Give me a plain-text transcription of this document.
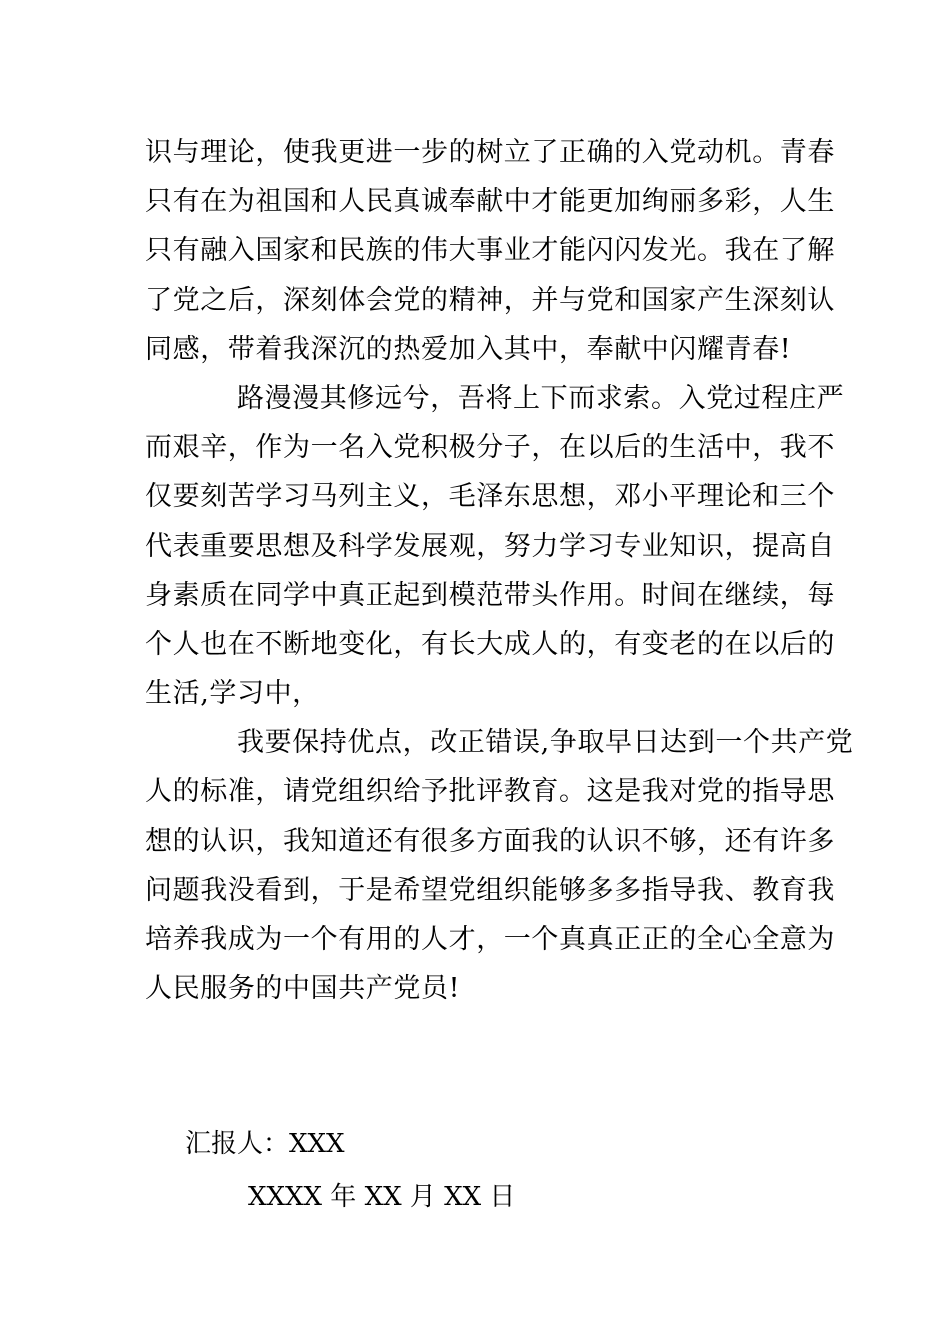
识与理论，使我更进一步的树立了正确的入党动机。青春
只有在为祖国和人民真诚奉献中才能更加绚丽多彩，人生
只有融入国家和民族的伟大事业才能闪闪发光。我在了解
了党之后，深刻体会党的精神，并与党和国家产生深刻认
同感，带着我深沉的热爱加入其中，奉献中闪耀青春!
路漫漫其修远兮，吾将上下而求索。入党过程庄严
而艰辛，作为一名入党积极分子，在以后的生活中，我不
仅要刻苦学习马列主义，毛泽东思想，邓小平理论和三个
代表重要思想及科学发展观，努力学习专业知识，提高自
身素质在同学中真正起到模范带头作用。时间在继续，每
个人也在不断地变化，有长大成人的，有变老的在以后的
生活,学习中，
我要保持优点，改正错误,争取早日达到一个共产党
人的标准，请党组织给予批评教育。这是我对党的指导思
想的认识，我知道还有很多方面我的认识不够，还有许多
问题我没看到，于是希望党组织能够多多指导我、教育我
培养我成为一个有用的人才，一个真真正正的全心全意为
人民服务的中国共产党员!
汇报人：XXX
XXXX 年 XX 月 XX 日
